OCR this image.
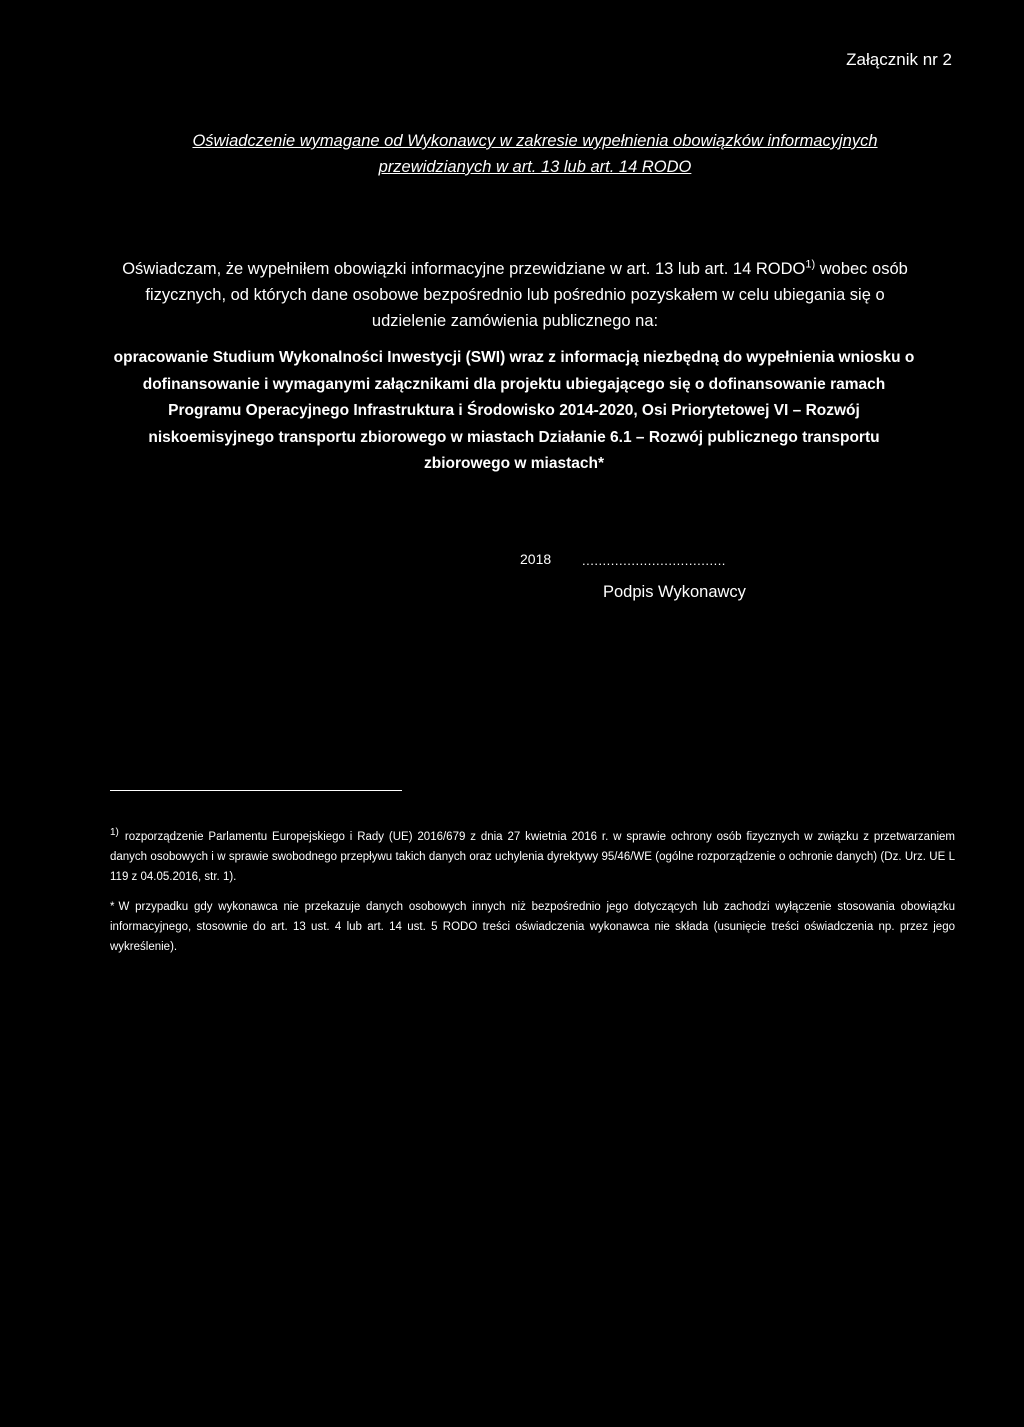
Załącznik nr 2
Oświadczenie wymagane od Wykonawcy w zakresie wypełnienia obowiązków informacyjnych
przewidzianych w art. 13 lub art. 14 RODO
Oświadczam, że wypełniłem obowiązki informacyjne przewidziane w art. 13 lub art. 14 RODO$^{1)}$ wobec osób fizycznych, od których dane osobowe bezpośrednio lub pośrednio pozyskałem w celu ubiegania się o udzielenie zamówienia publicznego na:
opracowanie Studium Wykonalności Inwestycji (SWI) wraz z informacją niezbędną do wypełnienia wniosku o dofinansowanie i wymaganymi załącznikami dla projektu ubiegającego się o dofinansowanie ramach Programu Operacyjnego Infrastruktura i Środowisko 2014-2020, Osi Priorytetowej VI – Rozwój niskoemisyjnego transportu zbiorowego w miastach Działanie 6.1 – Rozwój publicznego transportu zbiorowego w miastach*
2018 ...................................
Podpis Wykonawcy
1) rozporządzenie Parlamentu Europejskiego i Rady (UE) 2016/679 z dnia 27 kwietnia 2016 r. w sprawie ochrony osób fizycznych w związku z przetwarzaniem danych osobowych i w sprawie swobodnego przepływu takich danych oraz uchylenia dyrektywy 95/46/WE (ogólne rozporządzenie o ochronie danych) (Dz. Urz. UE L 119 z 04.05.2016, str. 1).
* W przypadku gdy wykonawca nie przekazuje danych osobowych innych niż bezpośrednio jego dotyczących lub zachodzi wyłączenie stosowania obowiązku informacyjnego, stosownie do art. 13 ust. 4 lub art. 14 ust. 5 RODO treści oświadczenia wykonawca nie składa (usunięcie treści oświadczenia np. przez jego wykreślenie).
